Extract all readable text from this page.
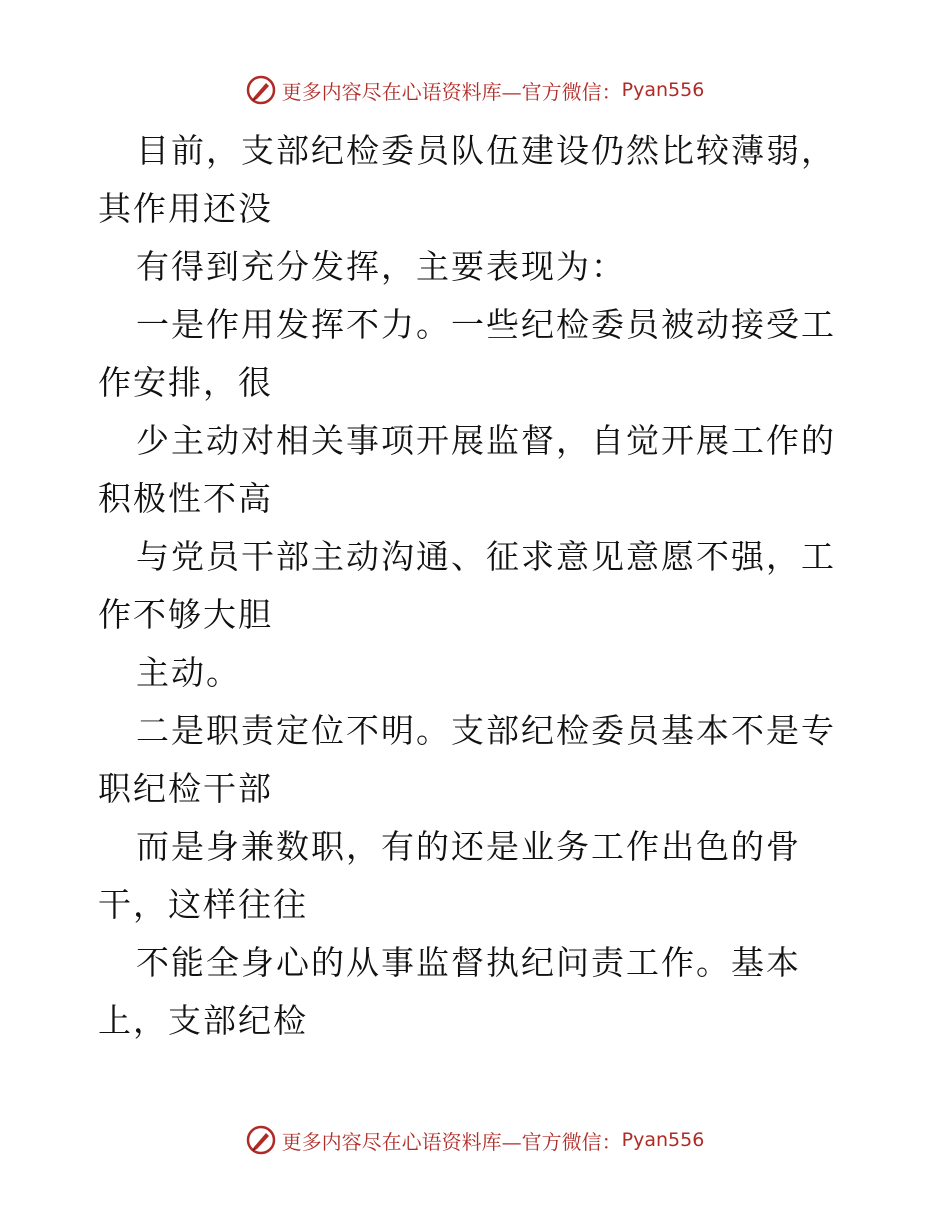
更多内容尽在心语资料库—官方微信： Pyan556

目前，支部纪检委员队伍建设仍然比较薄弱，其作用还没

有得到充分发挥，主要表现为：

一是作用发挥不力。一些纪检委员被动接受工作安排，很

少主动对相关事项开展监督，自觉开展工作的积极性不高

与党员干部主动沟通、征求意见意愿不强，工作不够大胆

主动。

二是职责定位不明。支部纪检委员基本不是专职纪检干部

而是身兼数职，有的还是业务工作出色的骨干，这样往往

不能全身心的从事监督执纪问责工作。基本上，支部纪检

更多内容尽在心语资料库—官方微信： Pyan556
